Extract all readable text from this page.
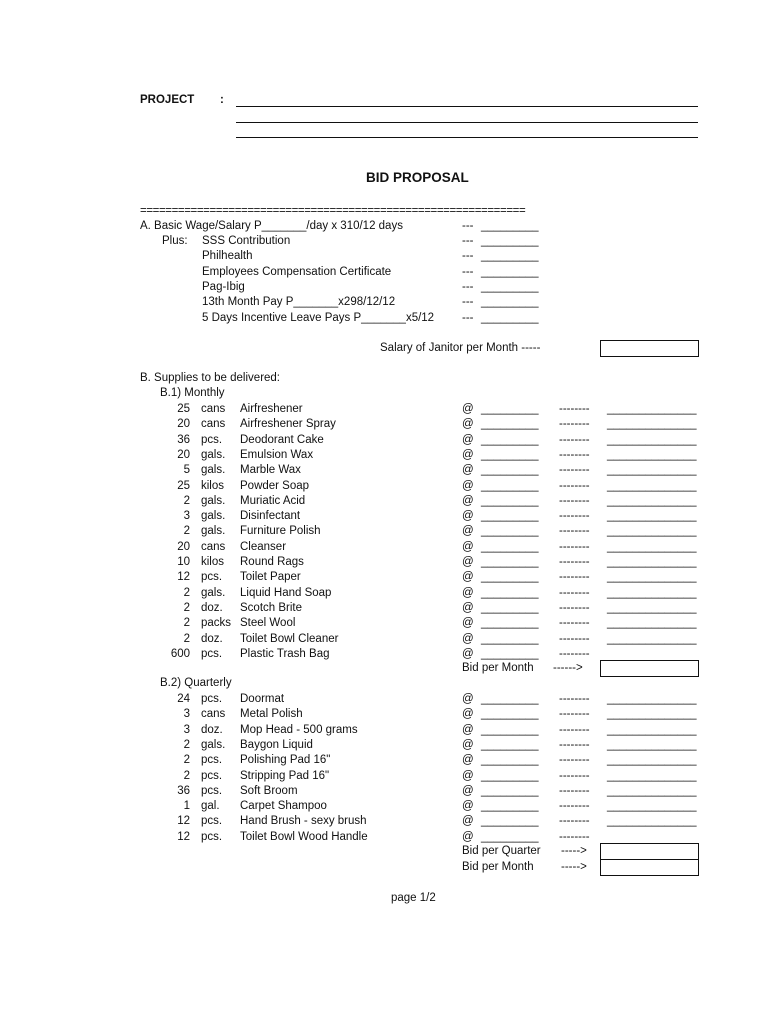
PROJECT :
BID PROPOSAL
=============================================================
A. Basic Wage/Salary P_______/day x 310/12 days	--- _________
Plus: SSS Contribution	--- _________
Philhealth	--- _________
Employees Compensation Certificate	--- _________
Pag-Ibig	--- _________
13th Month Pay P_______x298/12/12	--- _________
5 Days Incentive Leave Pays P_______x5/12 --- _________
Salary of Janitor per Month -----
B. Supplies to be delivered:
B.1) Monthly
25 cans Airfreshener	@ _________ -------- ______________
20 cans Airfreshener Spray	@ _________ -------- ______________
36 pcs. Deodorant Cake	@ _________ -------- ______________
20 gals. Emulsion Wax	@ _________ -------- ______________
5 gals. Marble Wax	@ _________ -------- ______________
25 kilos Powder Soap	@ _________ -------- ______________
2 gals. Muriatic Acid	@ _________ -------- ______________
3 gals. Disinfectant	@ _________ -------- ______________
2 gals. Furniture Polish	@ _________ -------- ______________
20 cans Cleanser	@ _________ -------- ______________
10 kilos Round Rags	@ _________ -------- ______________
12 pcs. Toilet Paper	@ _________ -------- ______________
2 gals. Liquid Hand Soap	@ _________ -------- ______________
2 doz. Scotch Brite	@ _________ -------- ______________
2 packs Steel Wool	@ _________ -------- ______________
2 doz. Toilet Bowl Cleaner	@ _________ -------- ______________
600 pcs. Plastic Trash Bag	@ _________ --------
Bid per Month ------>
B.2) Quarterly
24 pcs. Doormat	@ _________ -------- ______________
3 cans Metal Polish	@ _________ -------- ______________
3 doz. Mop Head - 500 grams	@ _________ -------- ______________
2 gals. Baygon Liquid	@ _________ -------- ______________
2 pcs. Polishing Pad 16"	@ _________ -------- ______________
2 pcs. Stripping Pad 16"	@ _________ -------- ______________
36 pcs. Soft Broom	@ _________ -------- ______________
1 gal. Carpet Shampoo	@ _________ -------- ______________
12 pcs. Hand Brush - sexy brush	@ _________ -------- ______________
12 pcs. Toilet Bowl Wood Handle	@ _________ --------
Bid per Quarter ----->
Bid per Month ----->
page 1/2
